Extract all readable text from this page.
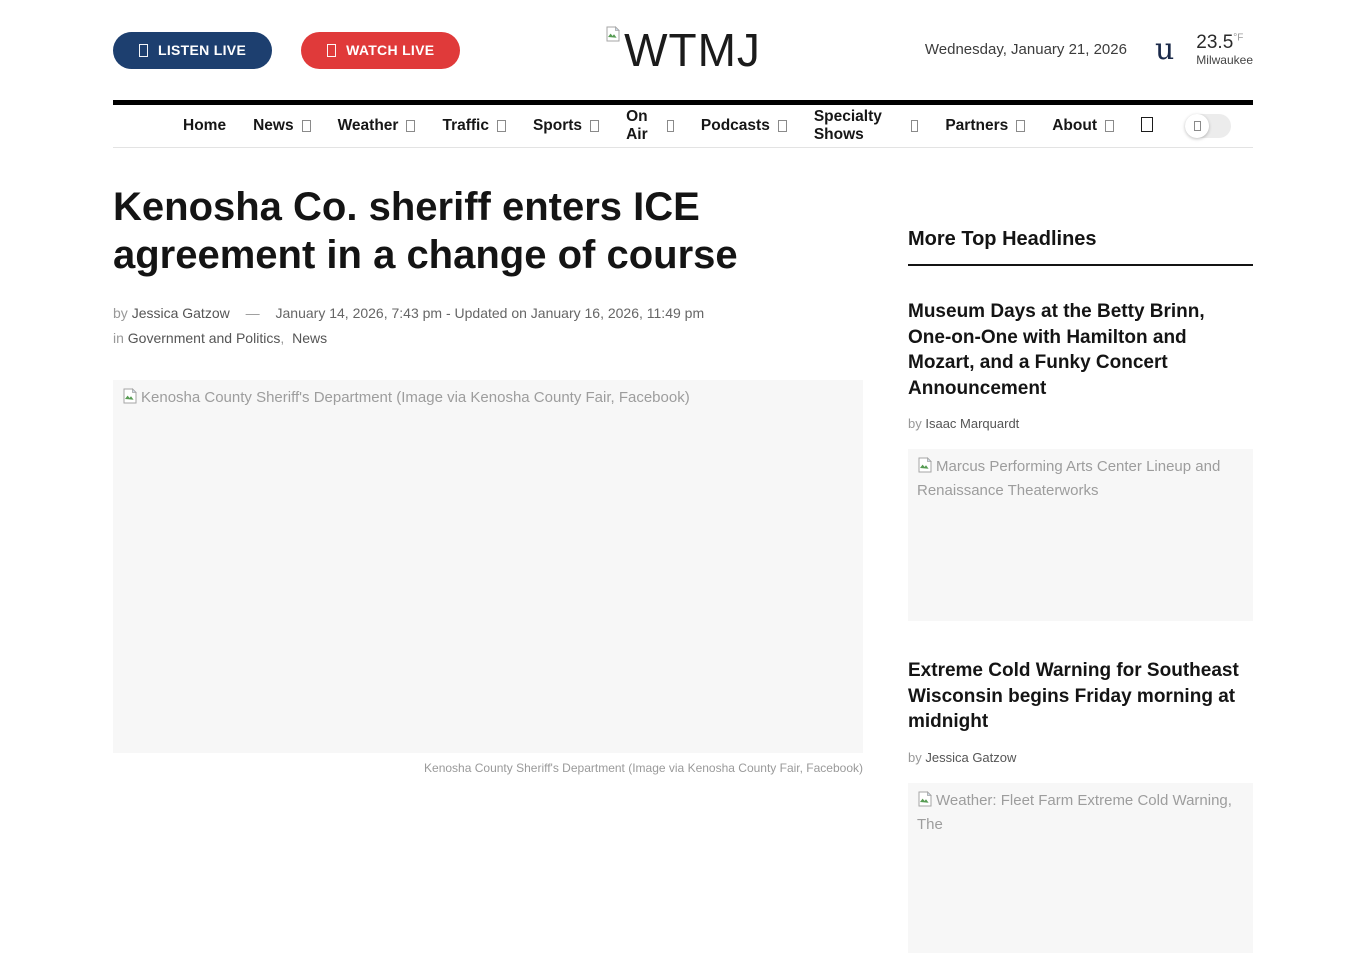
LISTEN LIVE	WATCH LIVE	WTMJ	Wednesday, January 21, 2026 u $23.5^{^\circ F}$
Milwaukee
Home News	Weather	Traffic	Sports
On Air
Podcasts
Specialty Shows
Partners	About
Kenosha Co. sheriff enters ICE agreement in a change of course
by Jessica Gatzow — January 14, 2026, 7:43 pm - Updated on January 16, 2026, 11:49 pm
in Government and Politics, News
Kenosha County Sheriff's Department (Image via Kenosha County Fair, Facebook)
Kenosha County Sheriff's Department (Image via Kenosha County Fair, Facebook)
More Top Headlines
Museum Days at the Betty Brinn, One-on-One with Hamilton and Mozart, and a Funky Concert Announcement
by Isaac Marquardt
Marcus Performing Arts Center Lineup and Renaissance Theaterworks
Extreme Cold Warning for Southeast Wisconsin begins Friday morning at midnight
by Jessica Gatzow
Weather: Fleet Farm Extreme Cold Warning, The
